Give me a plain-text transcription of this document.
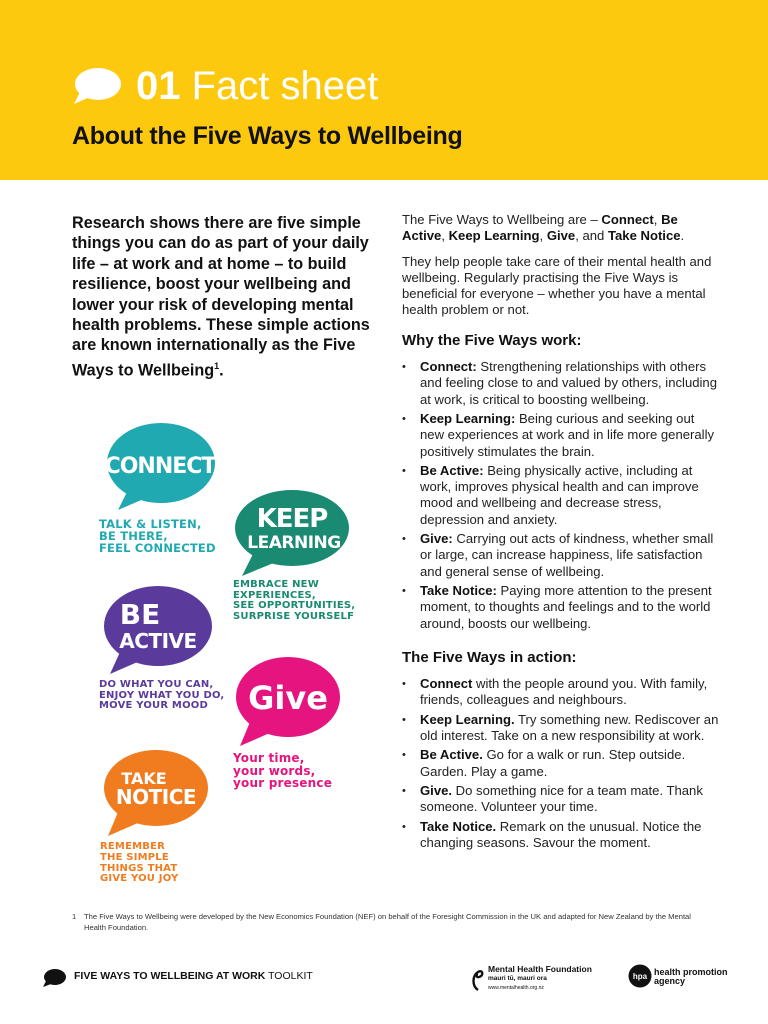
01 Fact sheet
About the Five Ways to Wellbeing
Research shows there are five simple things you can do as part of your daily life – at work and at home – to build resilience, boost your wellbeing and lower your risk of developing mental health problems. These simple actions are known internationally as the Five Ways to Wellbeing$^1$.
CONNECT
TALK & LISTEN,
BE THERE,
FEEL CONNECTED
KEEP
LEARNING
EMBRACE NEW
EXPERIENCES,
SEE OPPORTUNITIES,
SURPRISE YOURSELF
BE
ACTIVE
DO WHAT YOU CAN,
ENJOY WHAT YOU DO,
MOVE YOUR MOOD	Give
Your time,
your words,
your presence
TAKE
NOTICE
REMEMBER
THE SIMPLE
THINGS THAT
GIVE YOU JOY

The Five Ways to Wellbeing are – Connect, Be Active, Keep Learning, Give, and Take Notice.

They help people take care of their mental health and wellbeing. Regularly practising the Five Ways is beneficial for everyone – whether you have a mental health problem or not.

Why the Five Ways work:
• Connect: Strengthening relationships with others and feeling close to and valued by others, including at work, is critical to boosting wellbeing.
• Keep Learning: Being curious and seeking out new experiences at work and in life more generally positively stimulates the brain.
• Be Active: Being physically active, including at work, improves physical health and can improve mood and wellbeing and decrease stress, depression and anxiety.
• Give: Carrying out acts of kindness, whether small or large, can increase happiness, life satisfaction and general sense of wellbeing.
• Take Notice: Paying more attention to the present moment, to thoughts and feelings and to the world around, boosts our wellbeing.
The Five Ways in action:
• Connect with the people around you. With family, friends, colleagues and neighbours.
• Keep Learning. Try something new. Rediscover an old interest. Take on a new responsibility at work.
• Be Active. Go for a walk or run. Step outside. Garden. Play a game.
• Give. Do something nice for a team mate. Thank someone. Volunteer your time.
• Take Notice. Remark on the unusual. Notice the changing seasons. Savour the moment.
1	The Five Ways to Wellbeing were developed by the New Economics Foundation (NEF) on behalf of the Foresight Commission in the UK and adapted for New Zealand by the Mental Health Foundation.
FIVE WAYS TO WELLBEING AT WORK TOOLKIT
Mental Health Foundation
mauri tū, mauri ora
www.mentalhealth.org.nz
hpa health promotion
agency
